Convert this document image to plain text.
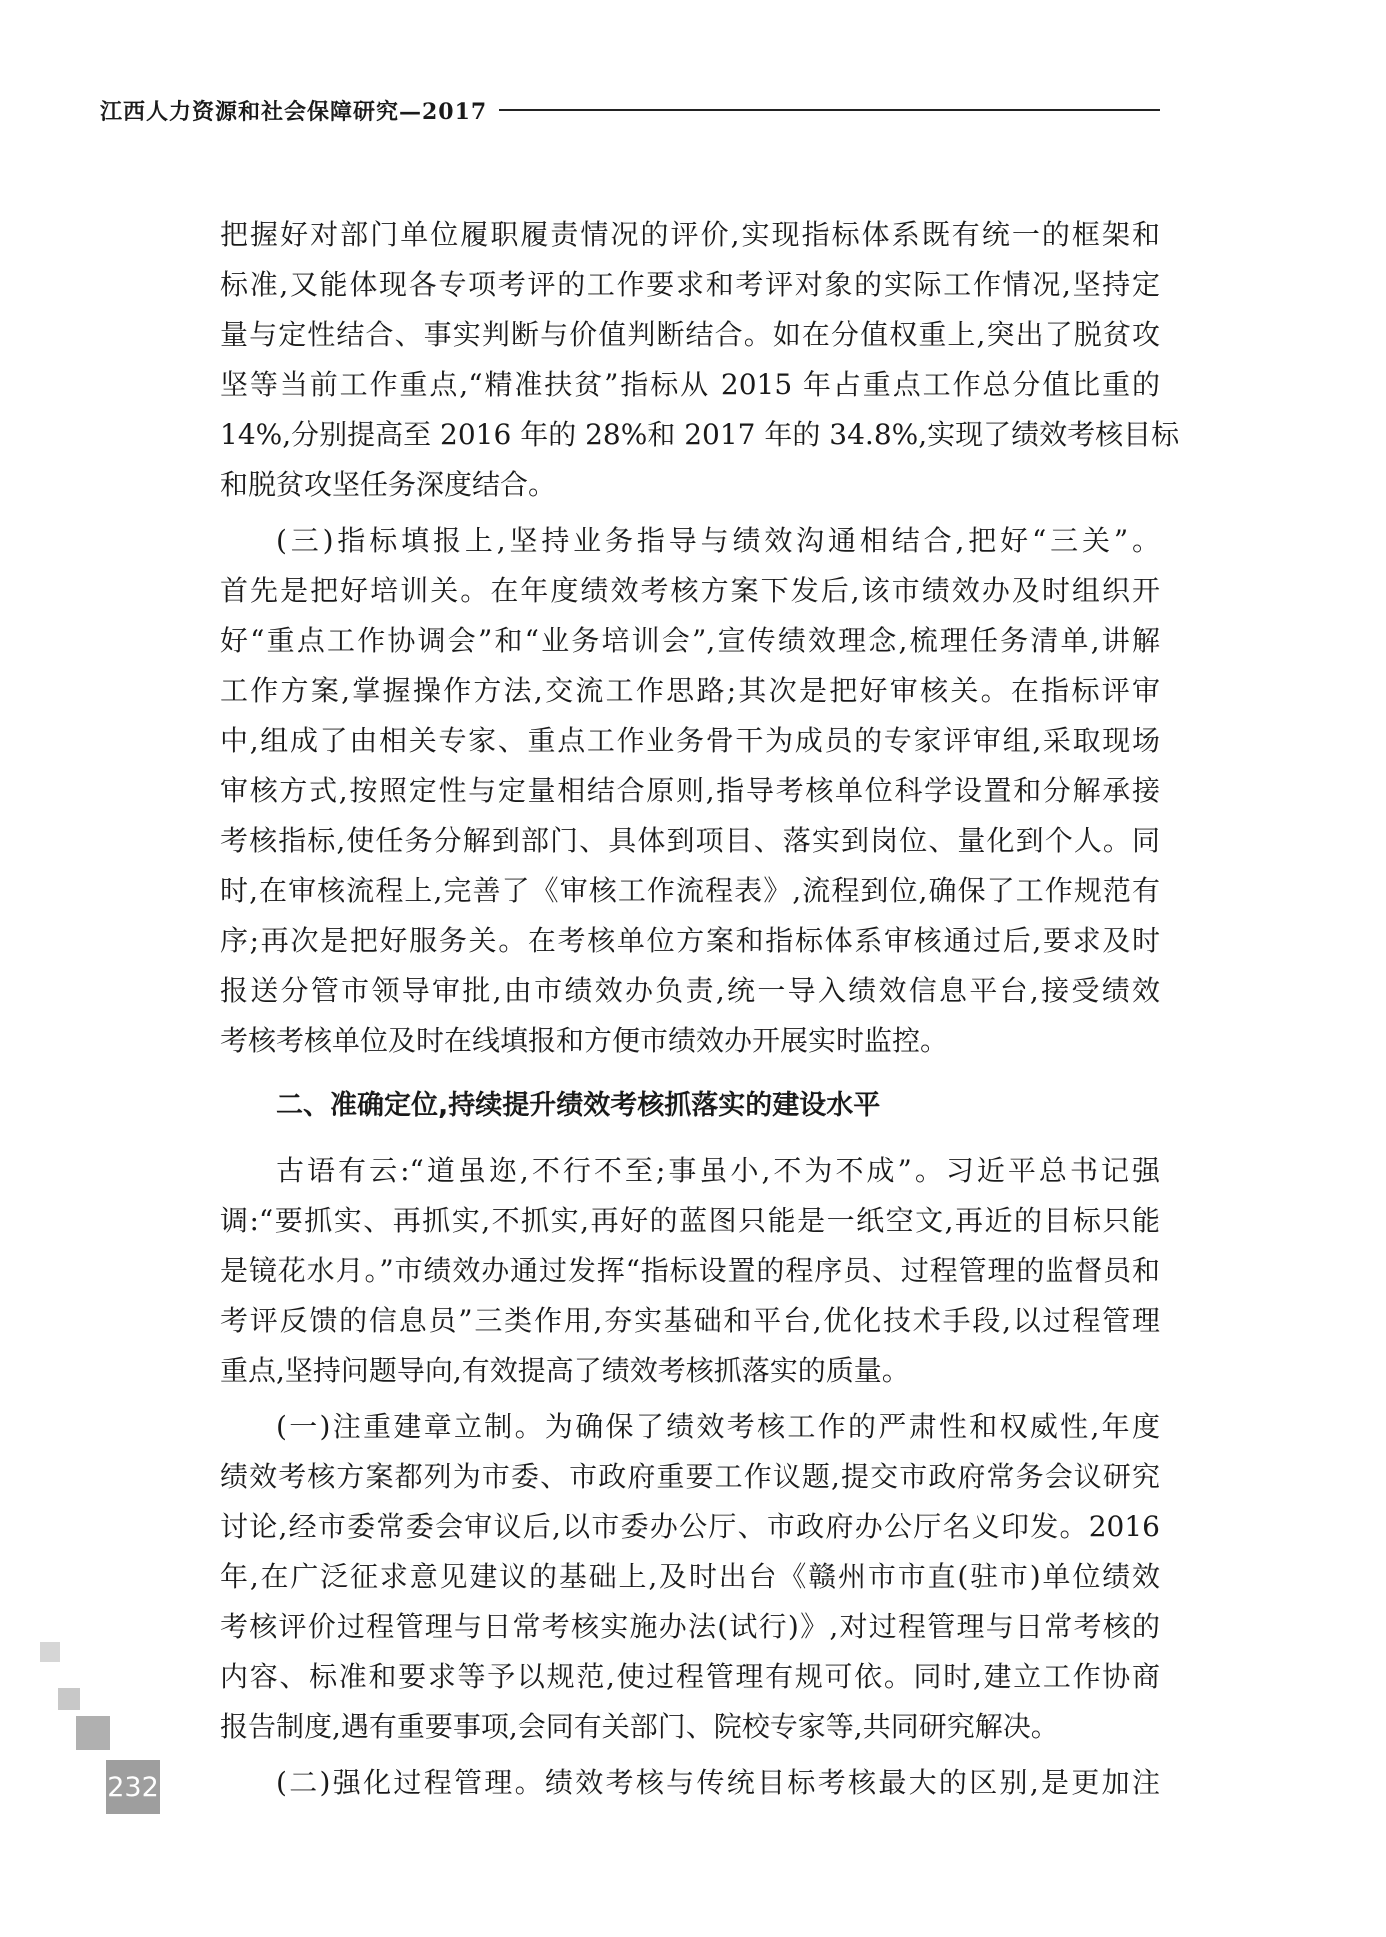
江西人力资源和社会保障研究—2017
把握好对部门单位履职履责情况的评价,实现指标体系既有统一的框架和
标准,又能体现各专项考评的工作要求和考评对象的实际工作情况,坚持定
量与定性结合、事实判断与价值判断结合。如在分值权重上,突出了脱贫攻
坚等当前工作重点,“精准扶贫”指标从 2015 年占重点工作总分值比重的
14%,分别提高至 2016 年的 28%和 2017 年的 34.8%,实现了绩效考核目标
和脱贫攻坚任务深度结合。
(三)指标填报上,坚持业务指导与绩效沟通相结合,把好“三关”。
首先是把好培训关。在年度绩效考核方案下发后,该市绩效办及时组织开
好“重点工作协调会”和“业务培训会”,宣传绩效理念,梳理任务清单,讲解
工作方案,掌握操作方法,交流工作思路;其次是把好审核关。在指标评审
中,组成了由相关专家、重点工作业务骨干为成员的专家评审组,采取现场
审核方式,按照定性与定量相结合原则,指导考核单位科学设置和分解承接
考核指标,使任务分解到部门、具体到项目、落实到岗位、量化到个人。同
时,在审核流程上,完善了《审核工作流程表》,流程到位,确保了工作规范有
序;再次是把好服务关。在考核单位方案和指标体系审核通过后,要求及时
报送分管市领导审批,由市绩效办负责,统一导入绩效信息平台,接受绩效
考核考核单位及时在线填报和方便市绩效办开展实时监控。
二、准确定位,持续提升绩效考核抓落实的建设水平
古语有云:“道虽迩,不行不至;事虽小,不为不成”。习近平总书记强
调:“要抓实、再抓实,不抓实,再好的蓝图只能是一纸空文,再近的目标只能
是镜花水月。”市绩效办通过发挥“指标设置的程序员、过程管理的监督员和
考评反馈的信息员”三类作用,夯实基础和平台,优化技术手段,以过程管理
重点,坚持问题导向,有效提高了绩效考核抓落实的质量。
(一)注重建章立制。为确保了绩效考核工作的严肃性和权威性,年度
绩效考核方案都列为市委、市政府重要工作议题,提交市政府常务会议研究
讨论,经市委常委会审议后,以市委办公厅、市政府办公厅名义印发。2016
年,在广泛征求意见建议的基础上,及时出台《赣州市市直(驻市)单位绩效
考核评价过程管理与日常考核实施办法(试行)》,对过程管理与日常考核的
内容、标准和要求等予以规范,使过程管理有规可依。同时,建立工作协商
报告制度,遇有重要事项,会同有关部门、院校专家等,共同研究解决。
(二)强化过程管理。绩效考核与传统目标考核最大的区别,是更加注
232
